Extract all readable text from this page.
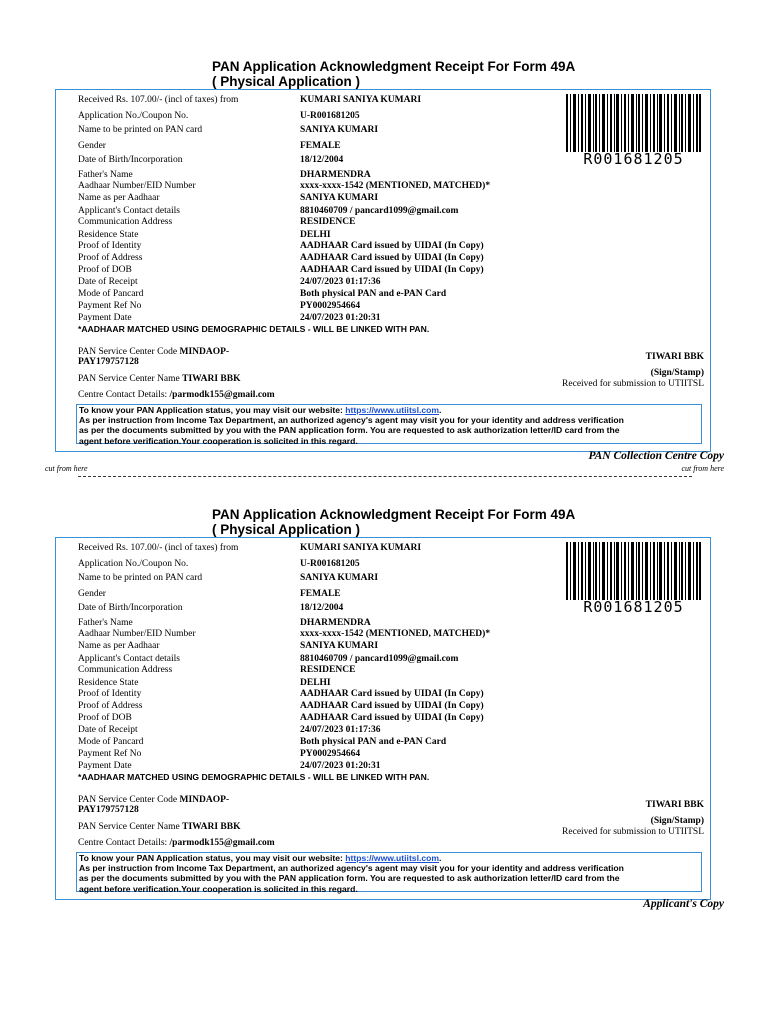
PAN Application Acknowledgment Receipt For Form 49A
( Physical Application )
R001681205
Received Rs. 107.00/- (incl of taxes) from	KUMARI SANIYA KUMARI
Application No./Coupon No.	U-R001681205
Name to be printed on PAN card	SANIYA KUMARI
Gender	FEMALE
Date of Birth/Incorporation	18/12/2004
Father's Name	DHARMENDRA
Aadhaar Number/EID Number	xxxx-xxxx-1542 (MENTIONED, MATCHED)*
Name as per Aadhaar	SANIYA KUMARI
Applicant's Contact details	8810460709 / pancard1099@gmail.com
Communication Address	RESIDENCE
Residence State	DELHI
Proof of Identity	AADHAAR Card issued by UIDAI (In Copy)
Proof of Address	AADHAAR Card issued by UIDAI (In Copy)
Proof of DOB	AADHAAR Card issued by UIDAI (In Copy)
Date of Receipt	24/07/2023 01:17:36
Mode of Pancard	Both physical PAN and e-PAN Card
Payment Ref No	PY0002954664
Payment Date	24/07/2023 01:20:31
*AADHAAR MATCHED USING DEMOGRAPHIC DETAILS - WILL BE LINKED WITH PAN.
PAN Service Center Code MINDAOP-
PAY179757128
PAN Service Center Name TIWARI BBK
Centre Contact Details: /parmodk155@gmail.com
TIWARI BBK
(Sign/Stamp)
Received for submission to UTIITSL
To know your PAN Application status, you may visit our website: https://www.utiitsl.com.
As per instruction from Income Tax Department, an authorized agency's agent may visit you for your identity and address verification
as per the documents submitted by you with the PAN application form. You are requested to ask authorization letter/ID card from the
agent before verification.Your cooperation is solicited in this regard.
PAN Collection Centre Copy
cut from here	cut from here
PAN Application Acknowledgment Receipt For Form 49A
( Physical Application )
R001681205
Received Rs. 107.00/- (incl of taxes) from	KUMARI SANIYA KUMARI
Application No./Coupon No.	U-R001681205
Name to be printed on PAN card	SANIYA KUMARI
Gender	FEMALE
Date of Birth/Incorporation	18/12/2004
Father's Name	DHARMENDRA
Aadhaar Number/EID Number	xxxx-xxxx-1542 (MENTIONED, MATCHED)*
Name as per Aadhaar	SANIYA KUMARI
Applicant's Contact details	8810460709 / pancard1099@gmail.com
Communication Address	RESIDENCE
Residence State	DELHI
Proof of Identity	AADHAAR Card issued by UIDAI (In Copy)
Proof of Address	AADHAAR Card issued by UIDAI (In Copy)
Proof of DOB	AADHAAR Card issued by UIDAI (In Copy)
Date of Receipt	24/07/2023 01:17:36
Mode of Pancard	Both physical PAN and e-PAN Card
Payment Ref No	PY0002954664
Payment Date	24/07/2023 01:20:31
*AADHAAR MATCHED USING DEMOGRAPHIC DETAILS - WILL BE LINKED WITH PAN.
PAN Service Center Code MINDAOP-
PAY179757128
PAN Service Center Name TIWARI BBK
Centre Contact Details: /parmodk155@gmail.com
TIWARI BBK
(Sign/Stamp)
Received for submission to UTIITSL
To know your PAN Application status, you may visit our website: https://www.utiitsl.com.
As per instruction from Income Tax Department, an authorized agency's agent may visit you for your identity and address verification
as per the documents submitted by you with the PAN application form. You are requested to ask authorization letter/ID card from the
agent before verification.Your cooperation is solicited in this regard.
Applicant's Copy
